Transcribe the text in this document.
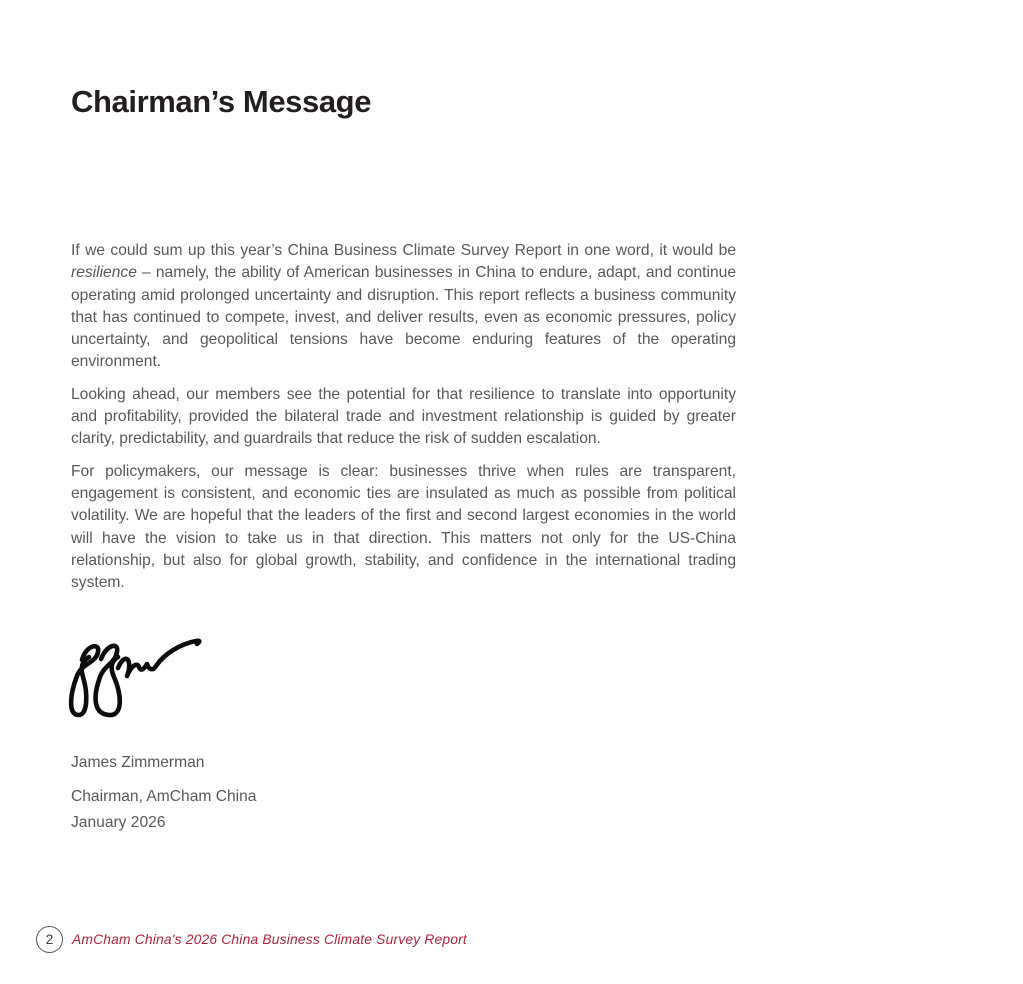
Chairman’s Message

If we could sum up this year’s China Business Climate Survey Report in one word, it would be resilience – namely, the ability of American businesses in China to endure, adapt, and continue operating amid prolonged uncertainty and disruption. This report reflects a business community that has continued to compete, invest, and deliver results, even as economic pressures, policy uncertainty, and geopolitical tensions have become enduring features of the operating environment.

Looking ahead, our members see the potential for that resilience to translate into opportunity and profitability, provided the bilateral trade and investment relationship is guided by greater clarity, predictability, and guardrails that reduce the risk of sudden escalation.

For policymakers, our message is clear: businesses thrive when rules are transparent, engagement is consistent, and economic ties are insulated as much as possible from political volatility. We are hopeful that the leaders of the first and second largest economies in the world will have the vision to take us in that direction. This matters not only for the US-China relationship, but also for global growth, stability, and confidence in the international trading system.

James Zimmerman
Chairman, AmCham China
January 2026
2	AmCham China's 2026 China Business Climate Survey Report
